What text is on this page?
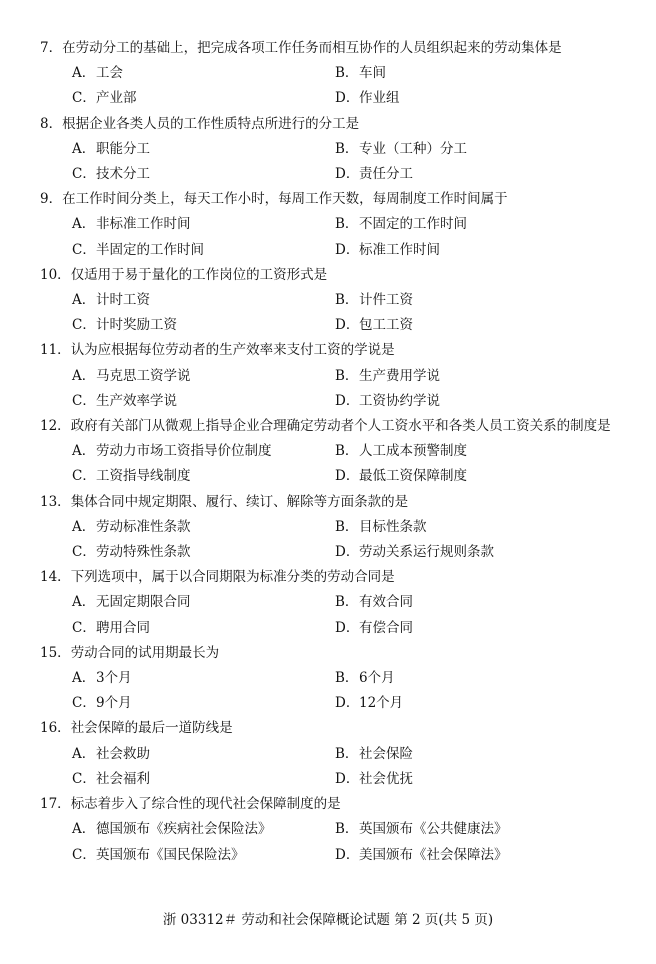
7．在劳动分工的基础上，把完成各项工作任务而相互协作的人员组织起来的劳动集体是
A．工会	B．车间
C．产业部	D．作业组
8．根据企业各类人员的工作性质特点所进行的分工是
A．职能分工	B．专业（工种）分工
C．技术分工	D．责任分工
9．在工作时间分类上，每天工作小时，每周工作天数，每周制度工作时间属于
A．非标准工作时间	B．不固定的工作时间
C．半固定的工作时间	D．标准工作时间
10．仅适用于易于量化的工作岗位的工资形式是
A．计时工资	B．计件工资
C．计时奖励工资	D．包工工资
11．认为应根据每位劳动者的生产效率来支付工资的学说是
A．马克思工资学说	B．生产费用学说
C．生产效率学说	D．工资协约学说
12．政府有关部门从微观上指导企业合理确定劳动者个人工资水平和各类人员工资关系的制度是
A．劳动力市场工资指导价位制度	B．人工成本预警制度
C．工资指导线制度	D．最低工资保障制度
13．集体合同中规定期限、履行、续订、解除等方面条款的是
A．劳动标准性条款	B．目标性条款
C．劳动特殊性条款	D．劳动关系运行规则条款
14．下列选项中，属于以合同期限为标准分类的劳动合同是
A．无固定期限合同	B．有效合同
C．聘用合同	D．有偿合同
15．劳动合同的试用期最长为
A．3个月	B．6个月
C．9个月	D．12个月
16．社会保障的最后一道防线是
A．社会救助	B．社会保险
C．社会福利	D．社会优抚
17．标志着步入了综合性的现代社会保障制度的是
A．德国颁布《疾病社会保险法》	B．英国颁布《公共健康法》
C．英国颁布《国民保险法》	D．美国颁布《社会保障法》
浙 03312＃ 劳动和社会保障概论试题 第 2 页(共 5 页)
